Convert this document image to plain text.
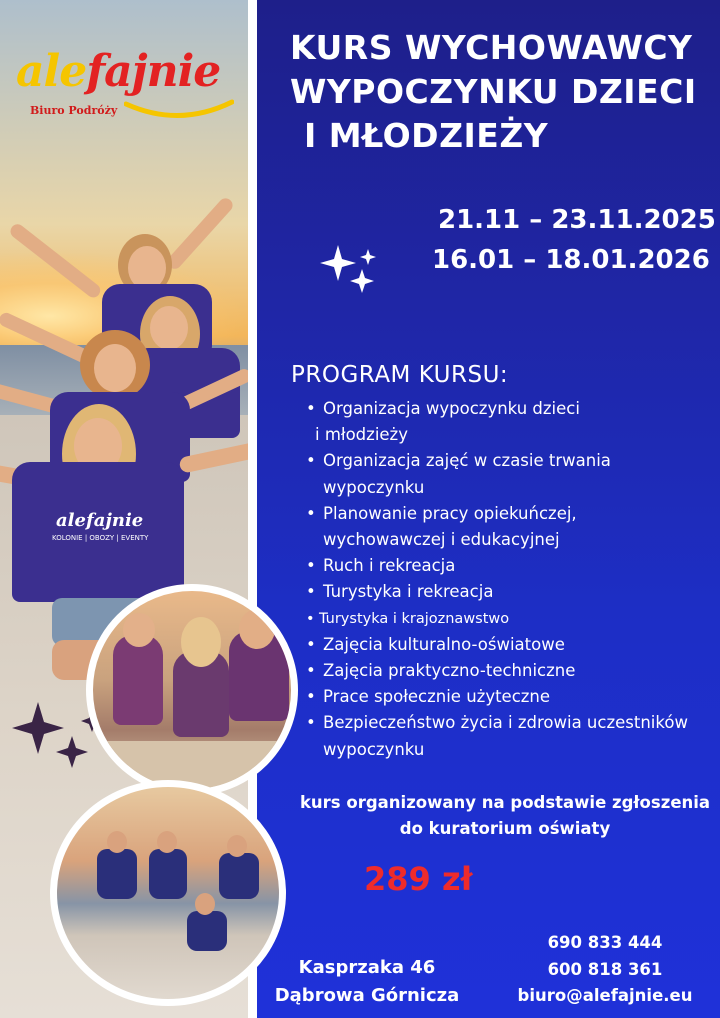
alefajnie
KOLONIE | OBOZY | EVENTY
alefajnie
Biuro Podróży
KURS WYCHOWAWCY
WYPOCZYNKU DZIECI
I MŁODZIEŻY
21.11 – 23.11.2025
16.01 – 18.01.2026
PROGRAM KURSU:
• Organizacja wypoczynku dzieci
i młodzieży
• Organizacja zajęć w czasie trwania
wypoczynku
• Planowanie pracy opiekuńczej,
wychowawczej i edukacyjnej
• Ruch i rekreacja
• Turystyka i rekreacja
• Turystyka i krajoznawstwo
• Zajęcia kulturalno-oświatowe
• Zajęcia praktyczno-techniczne
• Prace społecznie użyteczne
• Bezpieczeństwo życia i zdrowia uczestników
wypoczynku
kurs organizowany na podstawie zgłoszenia
do kuratorium oświaty
289 zł
Kasprzaka 46
Dąbrowa Górnicza
690 833 444
600 818 361
biuro@alefajnie.eu
